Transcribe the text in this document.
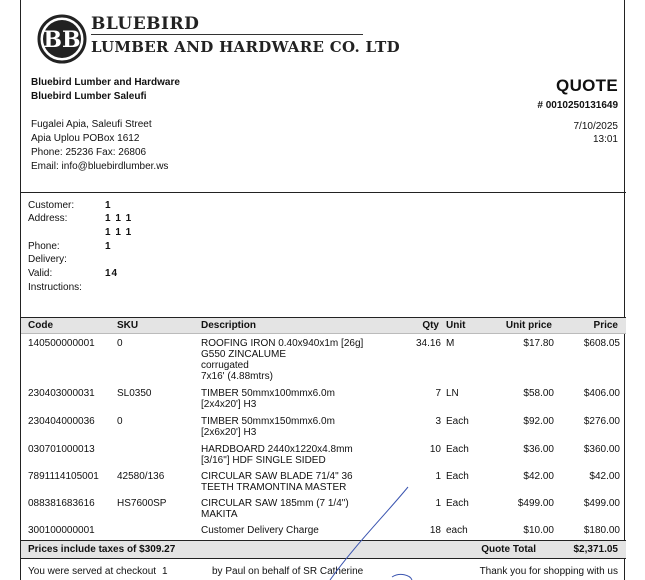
BB
BLUEBIRD
LUMBER AND HARDWARE CO. LTD
Bluebird Lumber and Hardware
Bluebird Lumber Saleufi
Fugalei Apia, Saleufi Street
Apia Uplou POBox 1612
Phone: 25236 Fax: 26806
Email: info@bluebirdlumber.ws
QUOTE
# 0010250131649
7/10/2025
13:01
Customer:	1
Address:	1 1 1
1 1 1
Phone:	1
Delivery:
Valid:	14
Instructions:
Code	SKU	Description	Qty Unit	Unit price	Price
140500000001 0	ROOFING IRON 0.40x940x1m [26g]
G550 ZINCALUME
corrugated
7x16' (4.88mtrs)
34.16 M	$17.80	$608.05
230403000031 SL0350	TIMBER 50mmx100mmx6.0m
[2x4x20'] H3
7 LN	$58.00	$406.00
230404000036 0	TIMBER 50mmx150mmx6.0m
[2x6x20'] H3
3 Each	$92.00	$276.00
030701000013	HARDBOARD 2440x1220x4.8mm
[3/16"] HDF SINGLE SIDED
10 Each	$36.00	$360.00
7891114105001 42580/136	CIRCULAR SAW BLADE 71/4" 36
TEETH TRAMONTINA MASTER
1 Each	$42.00	$42.00
088381683616 HS7600SP	CIRCULAR SAW 185mm (7 1/4")
MAKITA
1 Each	$499.00	$499.00
300100000001	Customer Delivery Charge	18 each	$10.00	$180.00
Prices include taxes of $309.27	Quote Total	$2,371.05
You were served at checkout 1	by Paul on behalf of SR Catherine	Thank you for shopping with us
